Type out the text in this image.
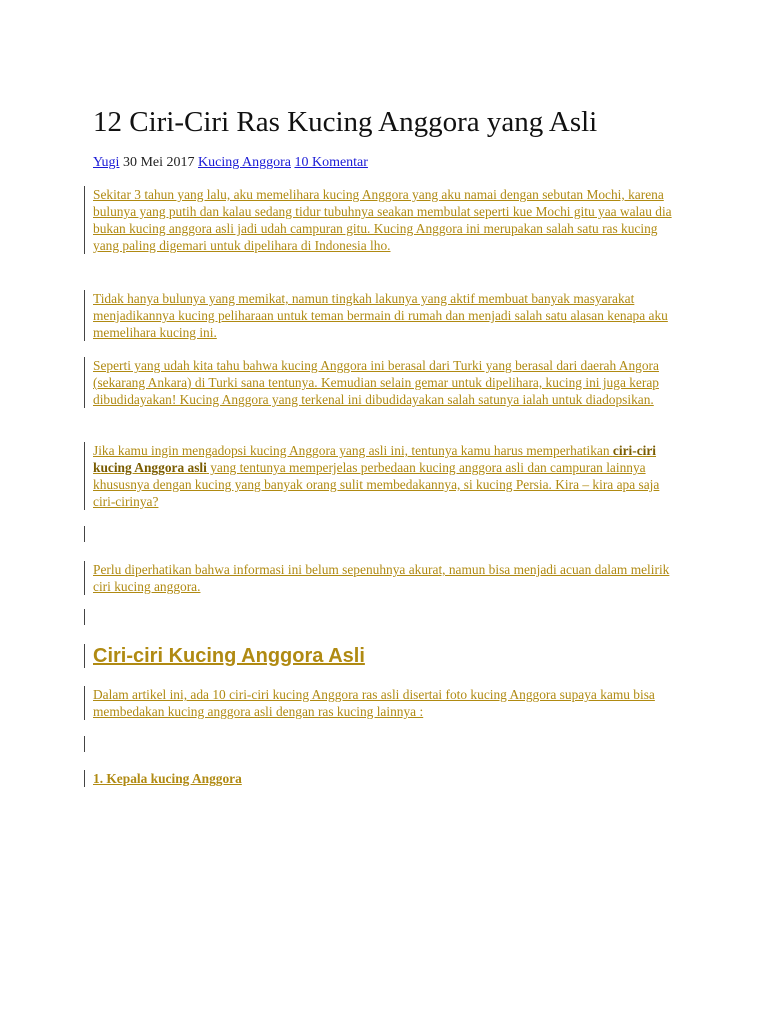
12 Ciri-Ciri Ras Kucing Anggora yang Asli
Yugi 30 Mei 2017 Kucing Anggora 10 Komentar

Sekitar 3 tahun yang lalu, aku memelihara kucing Anggora yang aku namai dengan sebutan Mochi, karena bulunya yang putih dan kalau sedang tidur tubuhnya seakan membulat seperti kue Mochi gitu yaa walau dia bukan kucing anggora asli jadi udah campuran gitu. Kucing Anggora ini merupakan salah satu ras kucing yang paling digemari untuk dipelihara di Indonesia lho.

Tidak hanya bulunya yang memikat, namun tingkah lakunya yang aktif membuat banyak masyarakat menjadikannya kucing peliharaan untuk teman bermain di rumah dan menjadi salah satu alasan kenapa aku memelihara kucing ini.

Seperti yang udah kita tahu bahwa kucing Anggora ini berasal dari Turki yang berasal dari daerah Angora (sekarang Ankara) di Turki sana tentunya. Kemudian selain gemar untuk dipelihara, kucing ini juga kerap dibudidayakan! Kucing Anggora yang terkenal ini dibudidayakan salah satunya ialah untuk diadopsikan.

Jika kamu ingin mengadopsi kucing Anggora yang asli ini, tentunya kamu harus memperhatikan ciri-ciri kucing Anggora asli yang tentunya memperjelas perbedaan kucing anggora asli dan campuran lainnya khususnya dengan kucing yang banyak orang sulit membedakannya, si kucing Persia. Kira – kira apa saja ciri-cirinya?

Perlu diperhatikan bahwa informasi ini belum sepenuhnya akurat, namun bisa menjadi acuan dalam melirik ciri kucing anggora.

Ciri-ciri Kucing Anggora Asli

Dalam artikel ini, ada 10 ciri-ciri kucing Anggora ras asli disertai foto kucing Anggora supaya kamu bisa membedakan kucing anggora asli dengan ras kucing lainnya :

1. Kepala kucing Anggora
